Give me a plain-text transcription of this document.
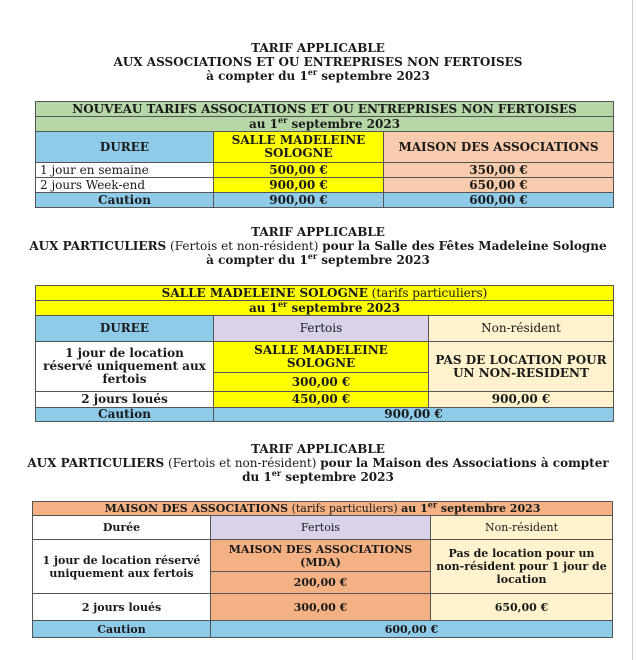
TARIF APPLICABLE
AUX ASSOCIATIONS ET OU ENTREPRISES NON FERTOISES
à compter du 1er septembre 2023
NOUVEAU TARIFS ASSOCIATIONS ET OU ENTREPRISES NON FERTOISES		
au 1er septembre 2023		
DUREE	SALLE MADELEINE SOLOGNE	MAISON DES ASSOCIATIONS
1 jour en semaine	500,00 €	350,00 €
2 jours Week-end	900,00 €	650,00 €
Caution	900,00 €	600,00 €
TARIF APPLICABLE
AUX PARTICULIERS (Fertois et non-résident) pour la Salle des Fêtes Madeleine Sologne
à compter du 1er septembre 2023
SALLE MADELEINE SOLOGNE (tarifs particuliers)		
au 1er septembre 2023		
DUREE	Fertois	Non-résident
1 jour de location réservé uniquement aux fertois	SALLE MADELEINE SOLOGNE	PAS DE LOCATION POUR UN NON-RESIDENT
	300,00 €	
2 jours loués	450,00 €	900,00 €
Caution	900,00 €	
TARIF APPLICABLE
AUX PARTICULIERS (Fertois et non-résident) pour la Maison des Associations à compter
du 1er septembre 2023
MAISON DES ASSOCIATIONS (tarifs particuliers) au 1er septembre 2023		
Durée	Fertois	Non-résident
1 jour de location réservé uniquement aux fertois	MAISON DES ASSOCIATIONS (MDA)	Pas de location pour un non-résident pour 1 jour de location
	200,00 €	
2 jours loués	300,00 €	650,00 €
Caution	600,00 €	
